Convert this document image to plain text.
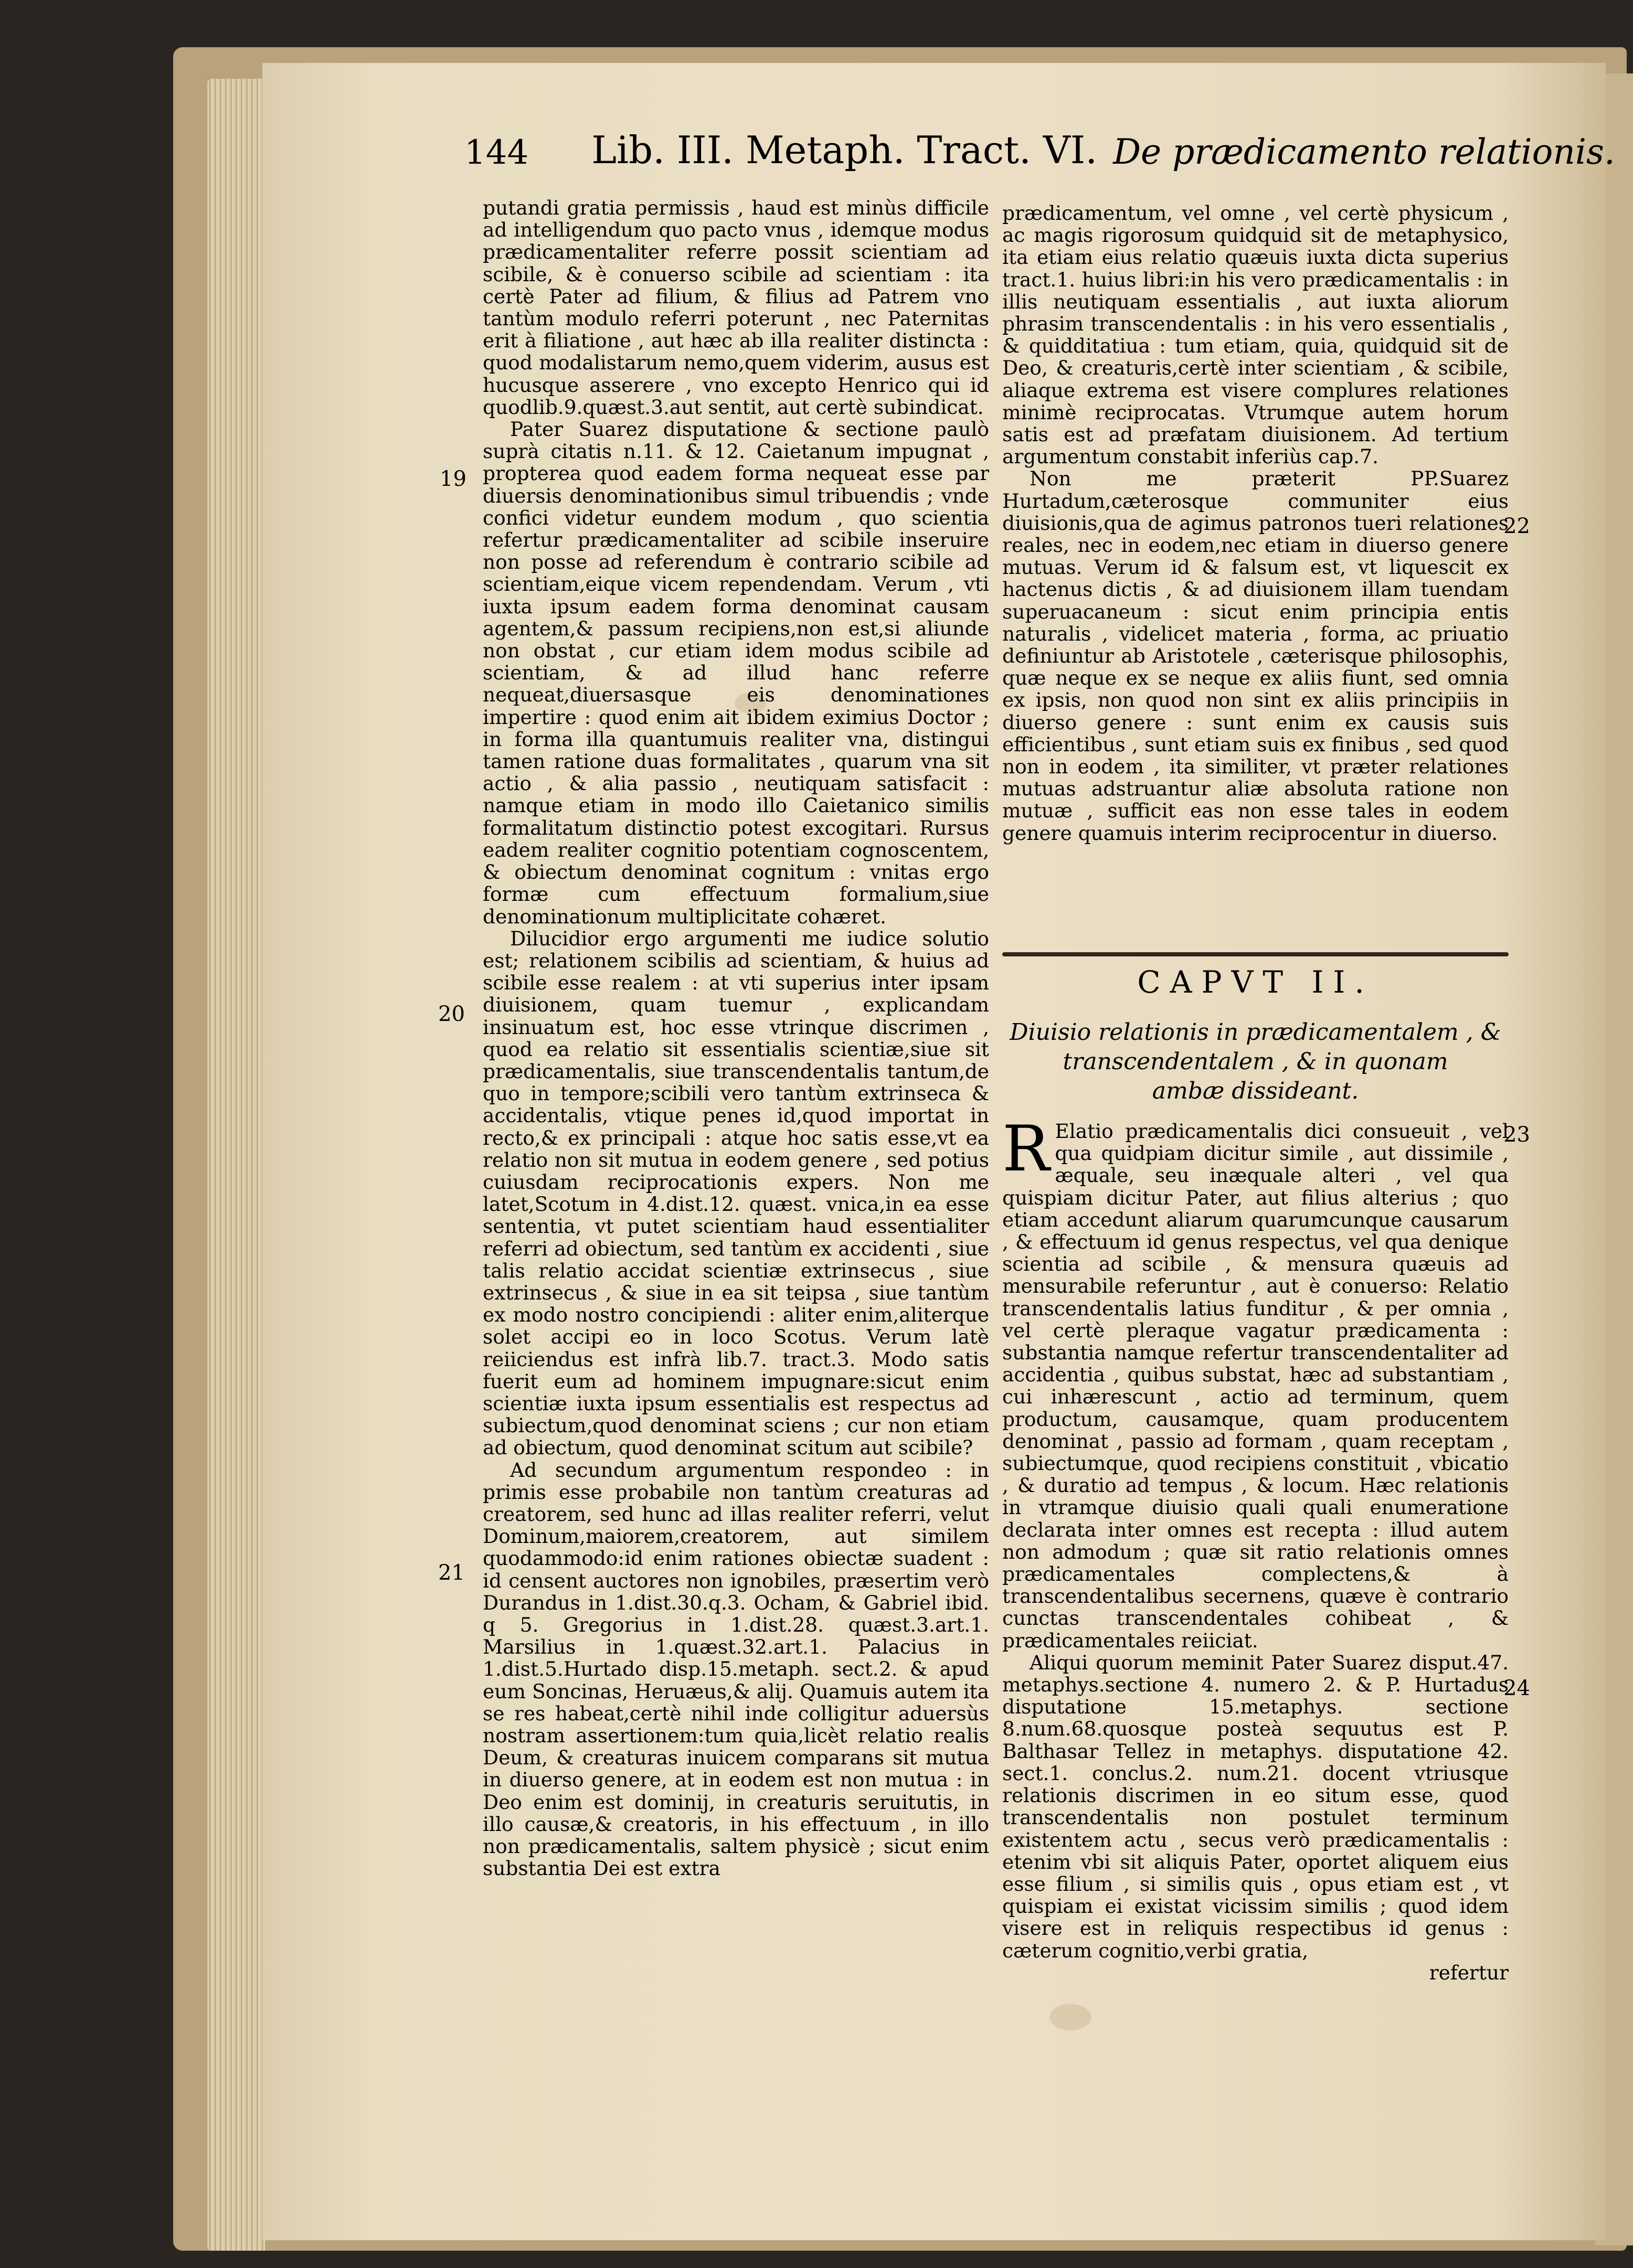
144 Lib. III. Metaph. Tract. VI. De prædicamento relationis.
19
20
21
22
23
24

putandi gratia permissis , haud est minùs difficile ad intelligendum quo pacto vnus , idemque modus prædicamentaliter referre possit scientiam ad scibile, & è conuerso scibile ad scientiam : ita certè Pater ad filium, & filius ad Patrem vno tantùm modulo referri poterunt , nec Paternitas erit à filiatione , aut hæc ab illa realiter distincta : quod modalistarum nemo,quem viderim, ausus est hucusque asserere , vno excepto Henrico qui id quodlib.9.quæst.3.aut sentit, aut certè subindicat.

Pater Suarez disputatione & sectione paulò suprà citatis n.11. & 12. Caietanum impugnat , propterea quod eadem forma nequeat esse par diuersis denominationibus simul tribuendis ; vnde confici videtur eundem modum , quo scientia refertur prædicamentaliter ad scibile inseruire non posse ad referendum è contrario scibile ad scientiam,eique vicem rependendam. Verum , vti iuxta ipsum eadem forma denominat causam agentem,& passum recipiens,non est,si aliunde non obstat , cur etiam idem modus scibile ad scientiam, & ad illud hanc referre nequeat,diuersasque eis denominationes impertire : quod enim ait ibidem eximius Doctor ; in forma illa quantumuis realiter vna, distingui tamen ratione duas formalitates , quarum vna sit actio , & alia passio , neutiquam satisfacit : namque etiam in modo illo Caietanico similis formalitatum distinctio potest excogitari. Rursus eadem realiter cognitio potentiam cognoscentem, & obiectum denominat cognitum : vnitas ergo formæ cum effectuum formalium,siue denominationum multiplicitate cohæret.

Dilucidior ergo argumenti me iudice solutio est; relationem scibilis ad scientiam, & huius ad scibile esse realem : at vti superius inter ipsam diuisionem, quam tuemur , explicandam insinuatum est, hoc esse vtrinque discrimen , quod ea relatio sit essentialis scientiæ,siue sit prædicamentalis, siue transcendentalis tantum,de quo in tempore;scibili vero tantùm extrinseca & accidentalis, vtique penes id,quod importat in recto,& ex principali : atque hoc satis esse,vt ea relatio non sit mutua in eodem genere , sed potius cuiusdam reciprocationis expers. Non me latet,Scotum in 4.dist.12. quæst. vnica,in ea esse sententia, vt putet scientiam haud essentialiter referri ad obiectum, sed tantùm ex accidenti , siue talis relatio accidat scientiæ extrinsecus , siue extrinsecus , & siue in ea sit teipsa , siue tantùm ex modo nostro concipiendi : aliter enim,aliterque solet accipi eo in loco Scotus. Verum latè reiiciendus est infrà lib.7. tract.3. Modo satis fuerit eum ad hominem impugnare:sicut enim scientiæ iuxta ipsum essentialis est respectus ad subiectum,quod denominat sciens ; cur non etiam ad obiectum, quod denominat scitum aut scibile?

Ad secundum argumentum respondeo : in primis esse probabile non tantùm creaturas ad creatorem, sed hunc ad illas realiter referri, velut Dominum,maiorem,creatorem, aut similem quodammodo:id enim rationes obiectæ suadent : id censent auctores non ignobiles, præsertim verò Durandus in 1.dist.30.q.3. Ocham, & Gabriel ibid. q 5. Gregorius in 1.dist.28. quæst.3.art.1. Marsilius in 1.quæst.32.art.1. Palacius in 1.dist.5.Hurtado disp.15.metaph. sect.2. & apud eum Soncinas, Heruæus,& alij. Quamuis autem ita se res habeat,certè nihil inde colligitur aduersùs nostram assertionem:tum quia,licèt relatio realis Deum, & creaturas inuicem comparans sit mutua in diuerso genere, at in eodem est non mutua : in Deo enim est dominij, in creaturis seruitutis, in illo causæ,& creatoris, in his effectuum , in illo non prædicamentalis, saltem physicè ; sicut enim substantia Dei est extra

prædicamentum, vel omne , vel certè physicum , ac magis rigorosum quidquid sit de metaphysico, ita etiam eius relatio quæuis iuxta dicta superius tract.1. huius libri:in his vero prædicamentalis : in illis neutiquam essentialis , aut iuxta aliorum phrasim transcendentalis : in his vero essentialis , & quidditatiua : tum etiam, quia, quidquid sit de Deo, & creaturis,certè inter scientiam , & scibile, aliaque extrema est visere complures relationes minimè reciprocatas. Vtrumque autem horum satis est ad præfatam diuisionem. Ad tertium argumentum constabit inferiùs cap.7.

Non me præterit PP.Suarez Hurtadum,cæterosque communiter eius diuisionis,qua de agimus patronos tueri relationes reales, nec in eodem,nec etiam in diuerso genere mutuas. Verum id & falsum est, vt liquescit ex hactenus dictis , & ad diuisionem illam tuendam superuacaneum : sicut enim principia entis naturalis , videlicet materia , forma, ac priuatio definiuntur ab Aristotele , cæterisque philosophis, quæ neque ex se neque ex aliis fiunt, sed omnia ex ipsis, non quod non sint ex aliis principiis in diuerso genere : sunt enim ex causis suis efficientibus , sunt etiam suis ex finibus , sed quod non in eodem , ita similiter, vt præter relationes mutuas adstruantur aliæ absoluta ratione non mutuæ , sufficit eas non esse tales in eodem genere quamuis interim reciprocentur in diuerso.

CAPVT II.
Diuisio relationis in prædicamentalem , &
transcendentalem , & in quonam
ambæ dissideant.

R Elatio prædicamentalis dici consueuit , vel qua quidpiam dicitur simile , aut dissimile , æquale, seu inæquale alteri , vel qua quispiam dicitur Pater, aut filius alterius ; quo etiam accedunt aliarum quarumcunque causarum , & effectuum id genus respectus, vel qua denique scientia ad scibile , & mensura quæuis ad mensurabile referuntur , aut è conuerso: Relatio transcendentalis latius funditur , & per omnia , vel certè pleraque vagatur prædicamenta : substantia namque refertur transcendentaliter ad accidentia , quibus substat, hæc ad substantiam , cui inhærescunt , actio ad terminum, quem productum, causamque, quam producentem denominat , passio ad formam , quam receptam , subiectumque, quod recipiens constituit , vbicatio , & duratio ad tempus , & locum. Hæc relationis in vtramque diuisio quali quali enumeratione declarata inter omnes est recepta : illud autem non admodum ; quæ sit ratio relationis omnes prædicamentales complectens,& à transcendentalibus secernens, quæve è contrario cunctas transcendentales cohibeat , & prædicamentales reiiciat.

Aliqui quorum meminit Pater Suarez disput.47. metaphys.sectione 4. numero 2. & P. Hurtadus disputatione 15.metaphys. sectione 8.num.68.quosque posteà sequutus est P. Balthasar Tellez in metaphys. disputatione 42. sect.1. conclus.2. num.21. docent vtriusque relationis discrimen in eo situm esse, quod transcendentalis non postulet terminum existentem actu , secus verò prædicamentalis : etenim vbi sit aliquis Pater, oportet aliquem eius esse filium , si similis quis , opus etiam est , vt quispiam ei existat vicissim similis ; quod idem visere est in reliquis respectibus id genus : cæterum cognitio,verbi gratia,

refertur
